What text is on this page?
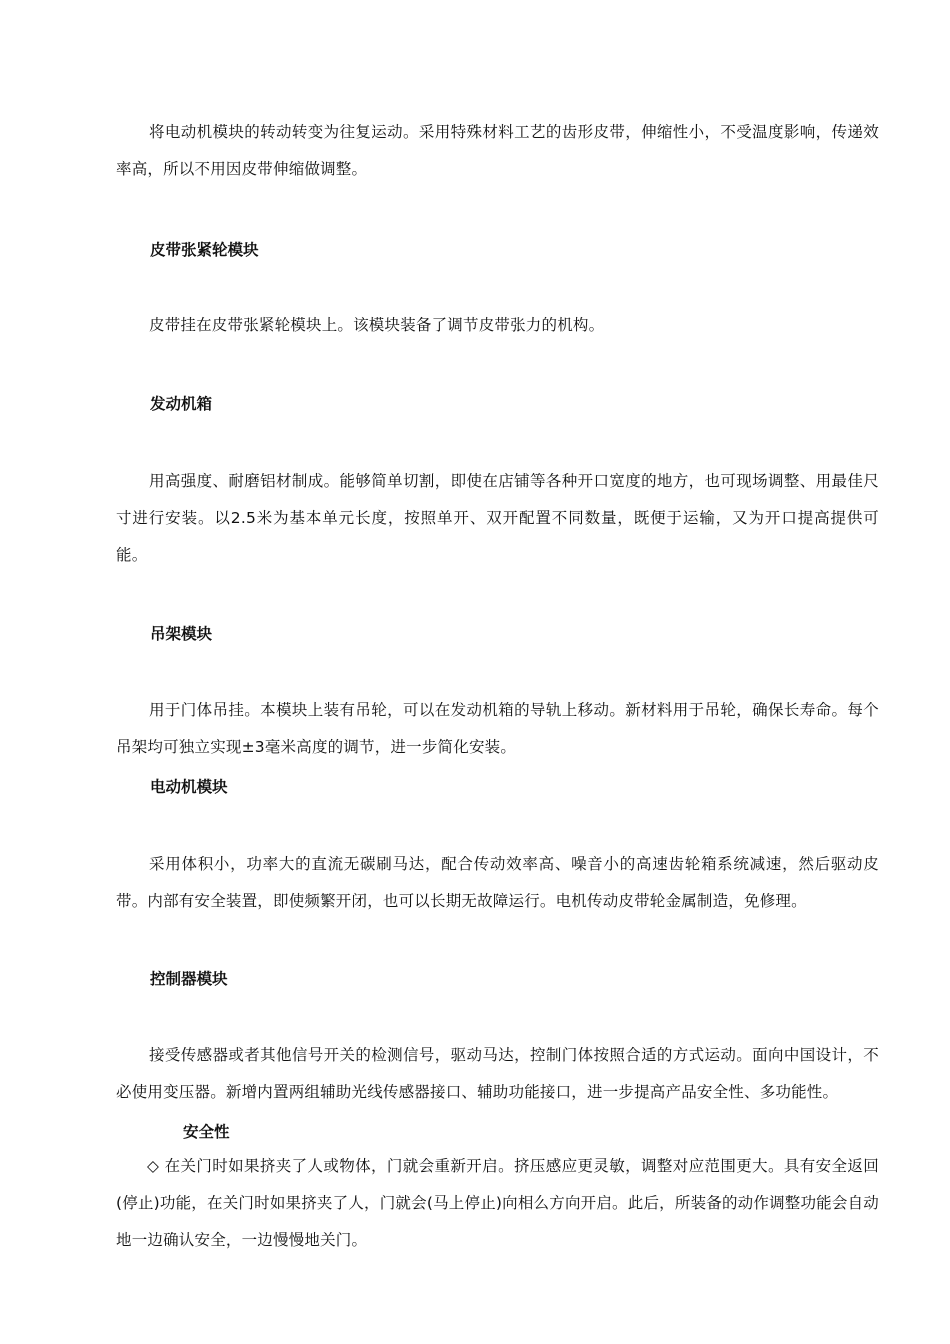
将电动机模块的转动转变为往复运动。采用特殊材料工艺的齿形皮带，伸缩性小，不受温度影响，传递效率高，所以不用因皮带伸缩做调整。

皮带张紧轮模块

皮带挂在皮带张紧轮模块上。该模块装备了调节皮带张力的机构。

发动机箱

用高强度、耐磨铝材制成。能够简单切割，即使在店铺等各种开口宽度的地方，也可现场调整、用最佳尺寸进行安装。以2.5米为基本单元长度，按照单开、双开配置不同数量，既便于运输，又为开口提高提供可能。

吊架模块

用于门体吊挂。本模块上装有吊轮，可以在发动机箱的导轨上移动。新材料用于吊轮，确保长寿命。每个吊架均可独立实现±3毫米高度的调节，进一步简化安装。

电动机模块

采用体积小，功率大的直流无碳刷马达，配合传动效率高、噪音小的高速齿轮箱系统减速，然后驱动皮带。内部有安全装置，即使频繁开闭，也可以长期无故障运行。电机传动皮带轮金属制造，免修理。

控制器模块

接受传感器或者其他信号开关的检测信号，驱动马达，控制门体按照合适的方式运动。面向中国设计，不必使用变压器。新增内置两组辅助光线传感器接口、辅助功能接口，进一步提高产品安全性、多功能性。

安全性

◇ 在关门时如果挤夹了人或物体，门就会重新开启。挤压感应更灵敏，调整对应范围更大。具有安全返回(停止)功能，在关门时如果挤夹了人，门就会(马上停止)向相么方向开启。此后，所装备的动作调整功能会自动地一边确认安全，一边慢慢地关门。
